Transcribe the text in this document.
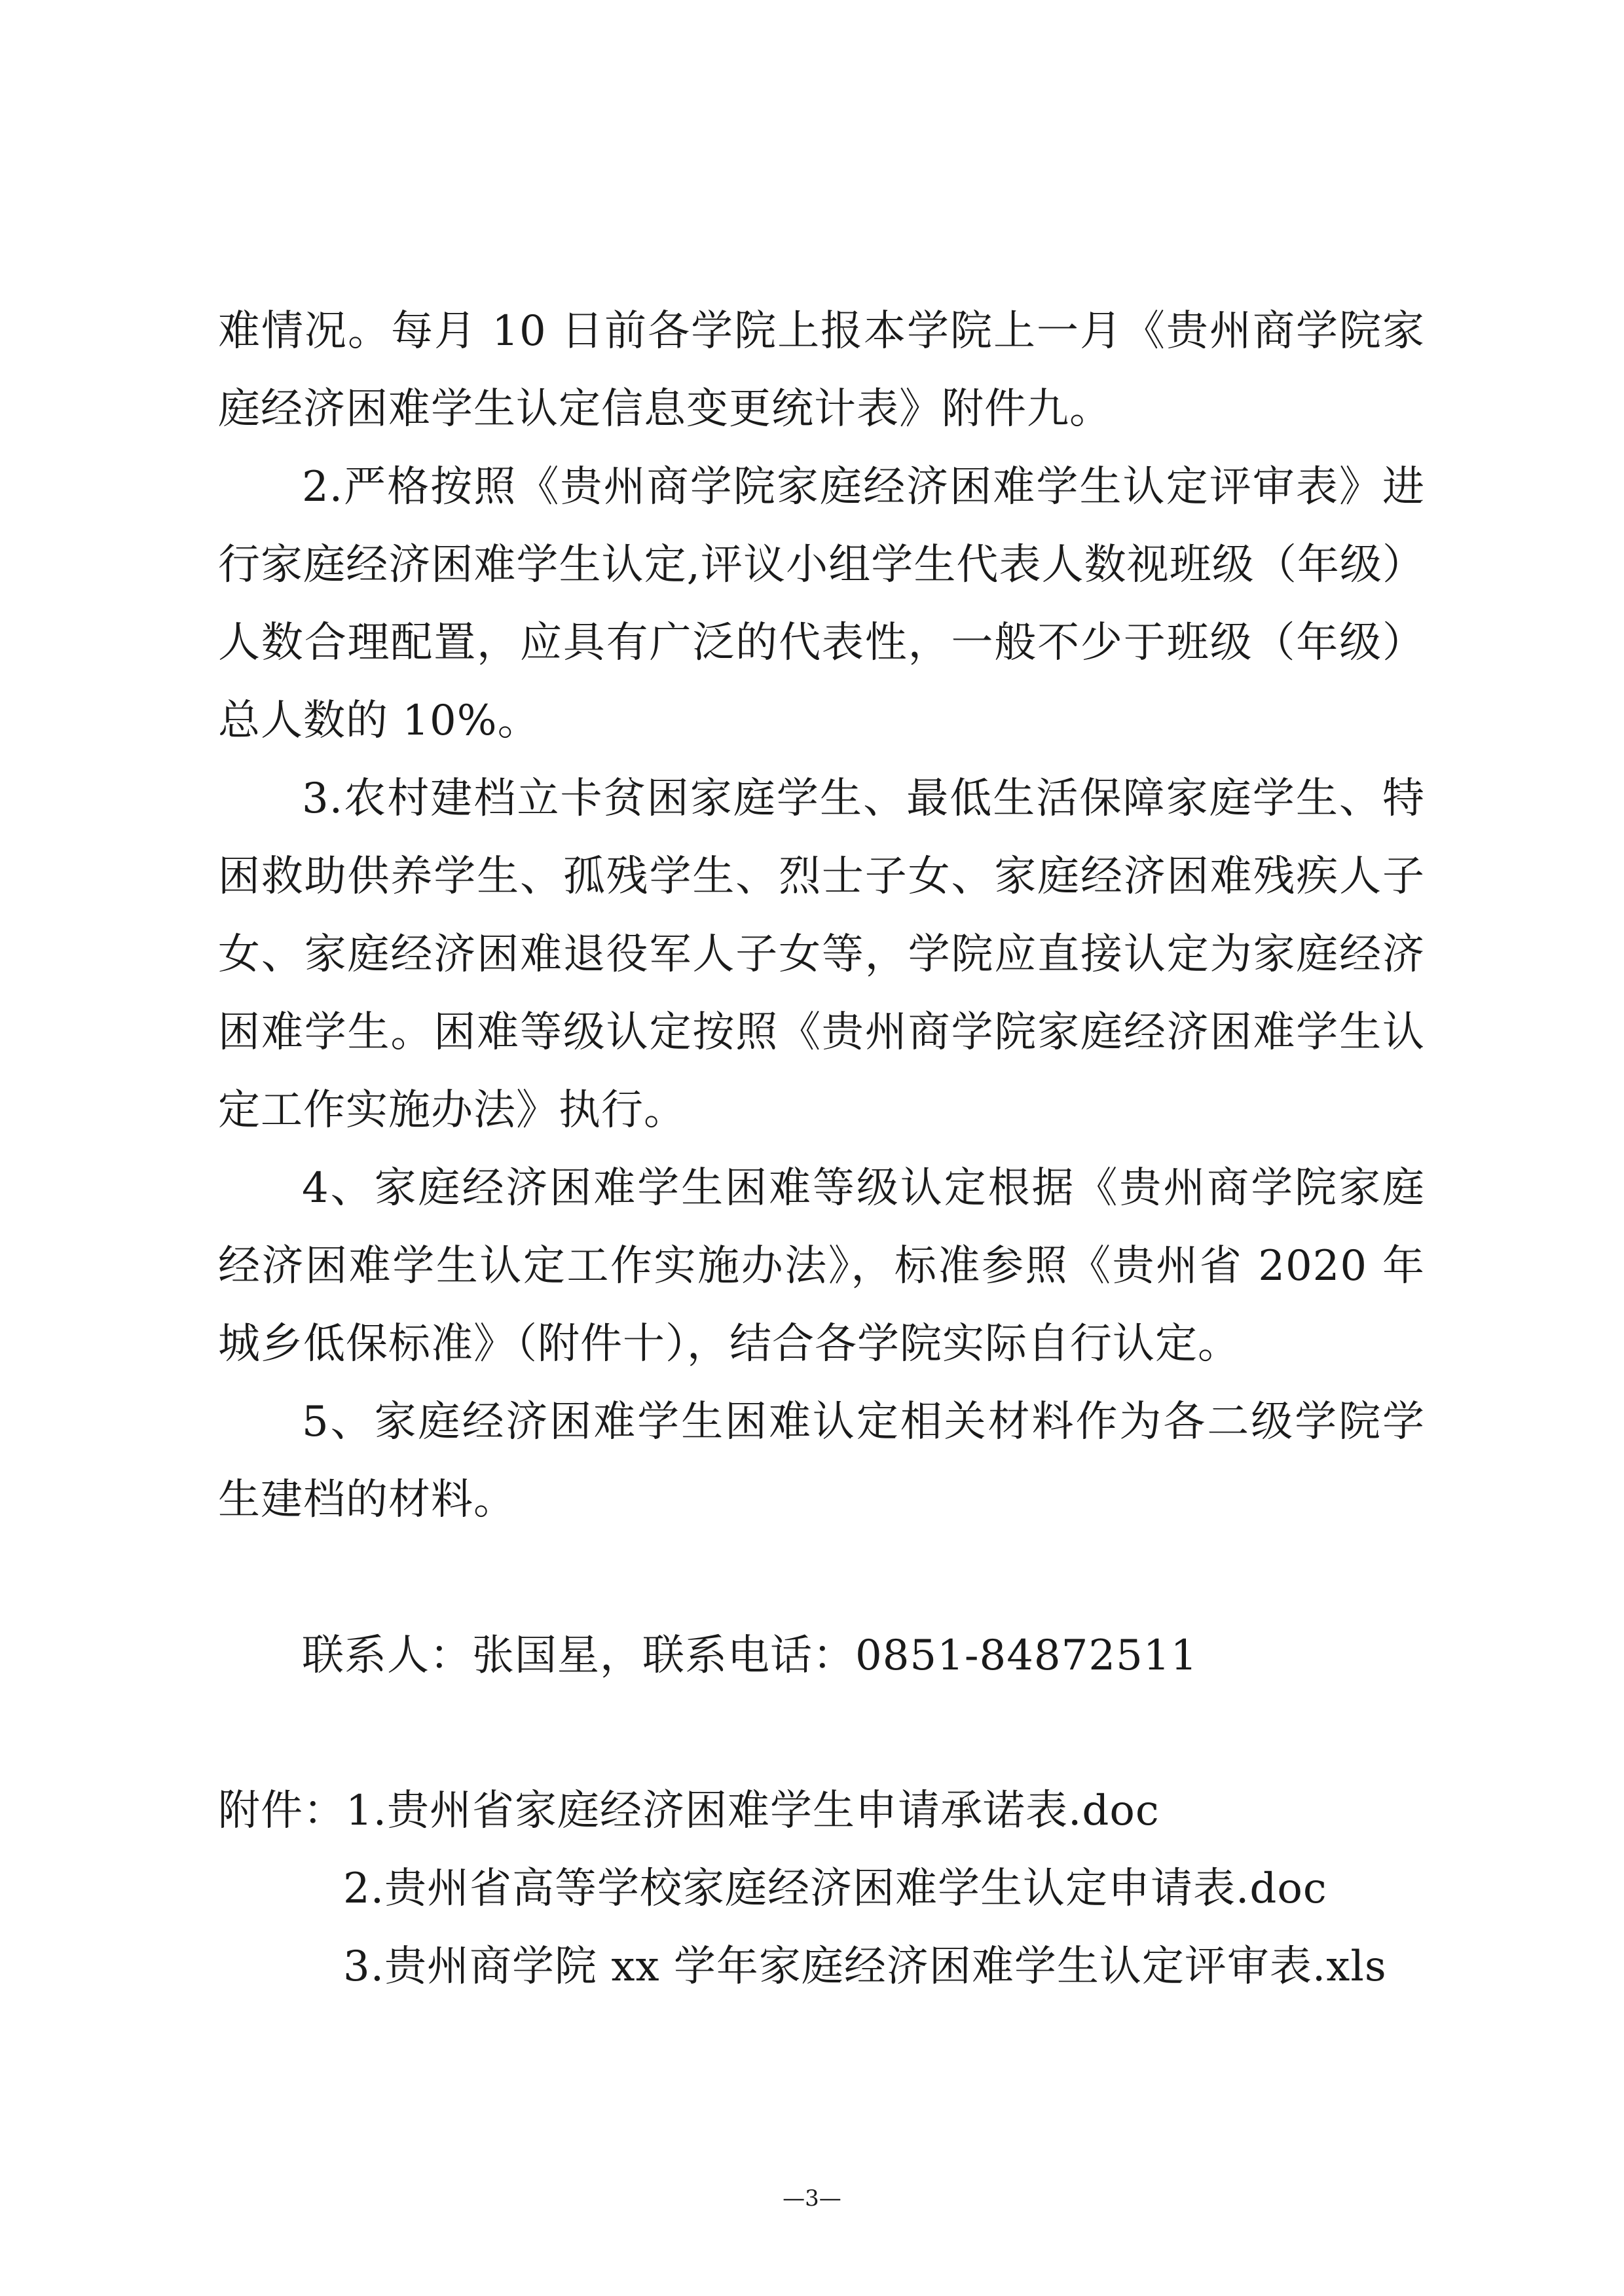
难情况。每月 10 日前各学院上报本学院上一月《贵州商学院家
庭经济困难学生认定信息变更统计表》附件九。
2.严格按照《贵州商学院家庭经济困难学生认定评审表》进
行家庭经济困难学生认定,评议小组学生代表人数视班级（年级）
人数合理配置，应具有广泛的代表性，一般不少于班级（年级）
总人数的 10%。
3.农村建档立卡贫困家庭学生、最低生活保障家庭学生、特
困救助供养学生、孤残学生、烈士子女、家庭经济困难残疾人子
女、家庭经济困难退役军人子女等，学院应直接认定为家庭经济
困难学生。困难等级认定按照《贵州商学院家庭经济困难学生认
定工作实施办法》执行。
4、家庭经济困难学生困难等级认定根据《贵州商学院家庭
经济困难学生认定工作实施办法》，标准参照《贵州省 2020 年
城乡低保标准》（附件十），结合各学院实际自行认定。
5、家庭经济困难学生困难认定相关材料作为各二级学院学
生建档的材料。
联系人：张国星，联系电话：0851-84872511
附件：1.贵州省家庭经济困难学生申请承诺表.doc
2.贵州省高等学校家庭经济困难学生认定申请表.doc
3.贵州商学院 xx 学年家庭经济困难学生认定评审表.xls
—3—
